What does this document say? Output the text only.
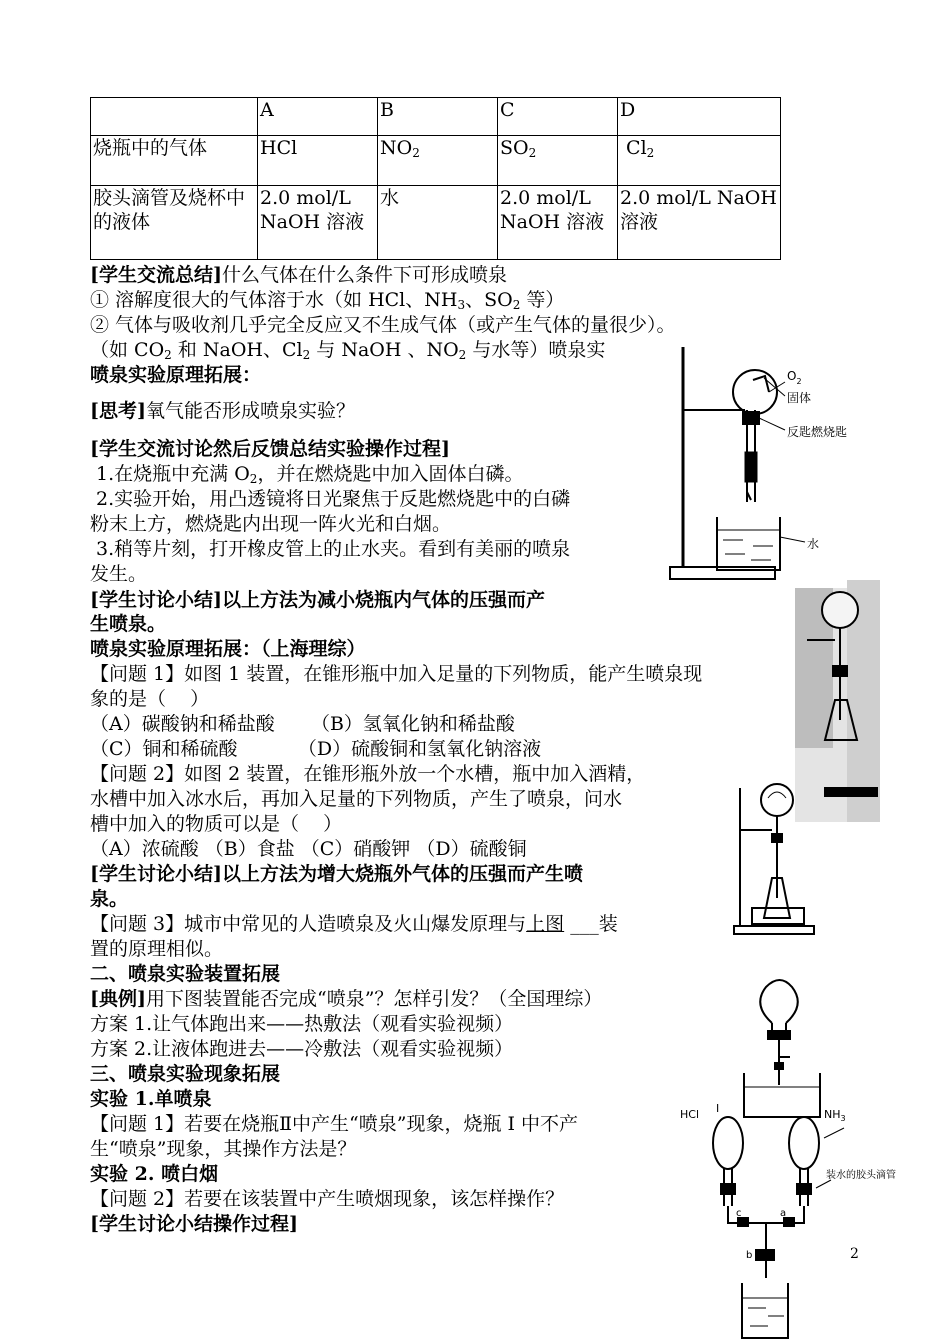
	A	B	C	D
烧瓶中的气体	HCl	$NO_2$	$SO_2$	$Cl_2$
胶头滴管及烧杯中的液体	2.0 mol/L NaOH 溶液	水	2.0 mol/L NaOH 溶液	2.0 mol/L NaOH 溶液
[学生交流总结]什么气体在什么条件下可形成喷泉
① 溶解度很大的气体溶于水（如 HCl、$NH_3$、$SO_2$ 等）
② 气体与吸收剂几乎完全反应又不生成气体（或产生气体的量很少）。
（如 $CO_2$ 和 NaOH、$Cl_2$ 与 NaOH 、$NO_2$ 与水等）喷泉实
喷泉实验原理拓展：
[思考]氧气能否形成喷泉实验？
[学生交流讨论然后反馈总结实验操作过程]
1.在烧瓶中充满 $O_2$，并在燃烧匙中加入固体白磷。
2.实验开始，用凸透镜将日光聚焦于反匙燃烧匙中的白磷
粉末上方，燃烧匙内出现一阵火光和白烟。
3.稍等片刻，打开橡皮管上的止水夹。看到有美丽的喷泉
发生。
[学生讨论小结]以上方法为减小烧瓶内气体的压强而产
生喷泉。
喷泉实验原理拓展：（上海理综）
【问题 1】如图 1 装置，在锥形瓶中加入足量的下列物质，能产生喷泉现
象的是（    ）
（A）碳酸钠和稀盐酸      （B）氢氧化钠和稀盐酸
（C）铜和稀硫酸          （D）硫酸铜和氢氧化钠溶液
【问题 2】如图 2 装置，在锥形瓶外放一个水槽，瓶中加入酒精，
水槽中加入冰水后，再加入足量的下列物质，产生了喷泉，问水
槽中加入的物质可以是（    ）
（A）浓硫酸 （B）食盐 （C）硝酸钾 （D）硫酸铜
[学生讨论小结]以上方法为增大烧瓶外气体的压强而产生喷
泉。
【问题 3】城市中常见的人造喷泉及火山爆发原理与上图 ___装
置的原理相似。
二、喷泉实验装置拓展
[典例]用下图装置能否完成“喷泉”？怎样引发？（全国理综）
方案 1.让气体跑出来——热敷法（观看实验视频）
方案 2.让液体跑进去——冷敷法（观看实验视频）
三、喷泉实验现象拓展
实验 1.单喷泉
【问题 1】若要在烧瓶Ⅱ中产生“喷泉”现象，烧瓶 I 中不产
生“喷泉”现象，其操作方法是？
实验 2. 喷白烟
【问题 2】若要在该装置中产生喷烟现象，该怎样操作？
[学生讨论小结操作过程]
$O_2$
固体
反匙燃烧匙
水
HCl I	$NH_3$
装水的胶头滴管
c	a
b	2
